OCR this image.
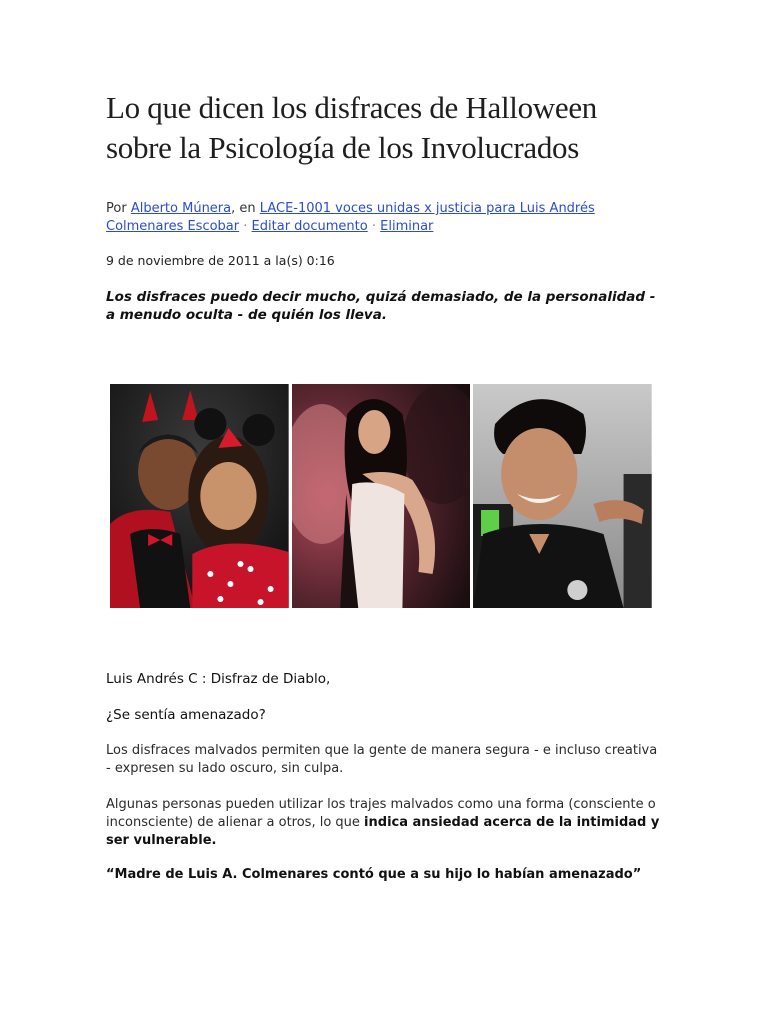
Lo que dicen los disfraces de Halloween sobre la Psicología de los Involucrados

Por Alberto Múnera, en LACE-1001 voces unidas x justicia para Luis Andrés Colmenares Escobar · Editar documento · Eliminar

9 de noviembre de 2011 a la(s) 0:16

Los disfraces puedo decir mucho, quizá demasiado, de la personalidad - a menudo oculta - de quién los lleva.

Luis Andrés C : Disfraz de Diablo,

¿Se sentía amenazado?

Los disfraces malvados permiten que la gente de manera segura - e incluso creativa - expresen su lado oscuro, sin culpa.

Algunas personas pueden utilizar los trajes malvados como una forma (consciente o inconsciente) de alienar a otros, lo que indica ansiedad acerca de la intimidad y ser vulnerable.

“Madre de Luis A. Colmenares contó que a su hijo lo habían amenazado”
